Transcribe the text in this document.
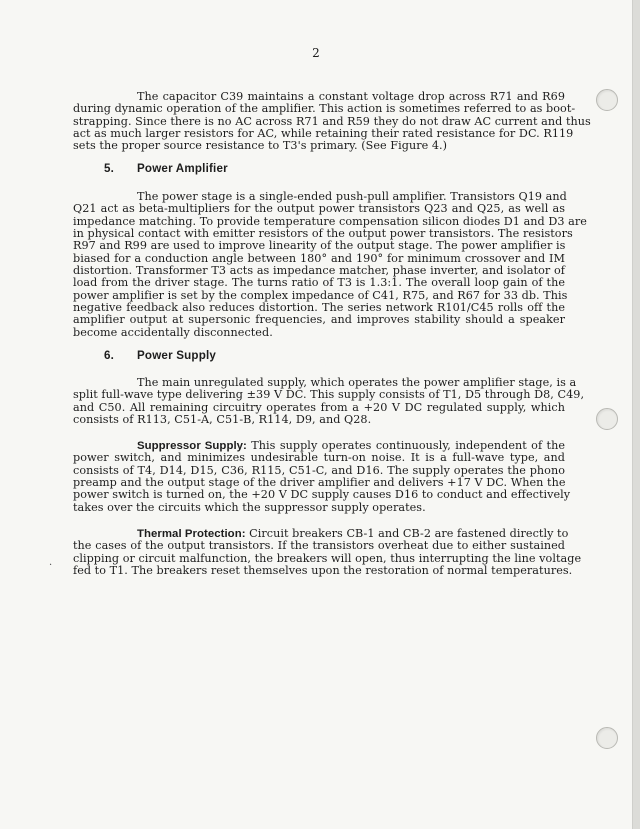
2
The capacitor C39 maintains a constant voltage drop across R71 and R69
during dynamic operation of the amplifier. This action is sometimes referred to as boot-
strapping. Since there is no AC across R71 and R59 they do not draw AC current and thus
act as much larger resistors for AC, while retaining their rated resistance for DC. R119
sets the proper source resistance to T3's primary. (See Figure 4.)
5. Power Amplifier
The power stage is a single-ended push-pull amplifier. Transistors Q19 and
Q21 act as beta-multipliers for the output power transistors Q23 and Q25, as well as
impedance matching. To provide temperature compensation silicon diodes D1 and D3 are
in physical contact with emitter resistors of the output power transistors. The resistors
R97 and R99 are used to improve linearity of the output stage. The power amplifier is
biased for a conduction angle between 180° and 190° for minimum crossover and IM
distortion. Transformer T3 acts as impedance matcher, phase inverter, and isolator of
load from the driver stage. The turns ratio of T3 is 1.3:1. The overall loop gain of the
power amplifier is set by the complex impedance of C41, R75, and R67 for 33 db. This
negative feedback also reduces distortion. The series network R101/C45 rolls off the
amplifier output at supersonic frequencies, and improves stability should a speaker
become accidentally disconnected.
6. Power Supply
The main unregulated supply, which operates the power amplifier stage, is a
split full-wave type delivering ±39 V DC. This supply consists of T1, D5 through D8, C49,
and C50. All remaining circuitry operates from a +20 V DC regulated supply, which
consists of R113, C51-A, C51-B, R114, D9, and Q28.
Suppressor Supply: This supply operates continuously, independent of the
power switch, and minimizes undesirable turn-on noise. It is a full-wave type, and
consists of T4, D14, D15, C36, R115, C51-C, and D16. The supply operates the phono
preamp and the output stage of the driver amplifier and delivers +17 V DC. When the
power switch is turned on, the +20 V DC supply causes D16 to conduct and effectively
takes over the circuits which the suppressor supply operates.
Thermal Protection: Circuit breakers CB-1 and CB-2 are fastened directly to
the cases of the output transistors. If the transistors overheat due to either sustained
clipping or circuit malfunction, the breakers will open, thus interrupting the line voltage
fed to T1. The breakers reset themselves upon the restoration of normal temperatures.
·
